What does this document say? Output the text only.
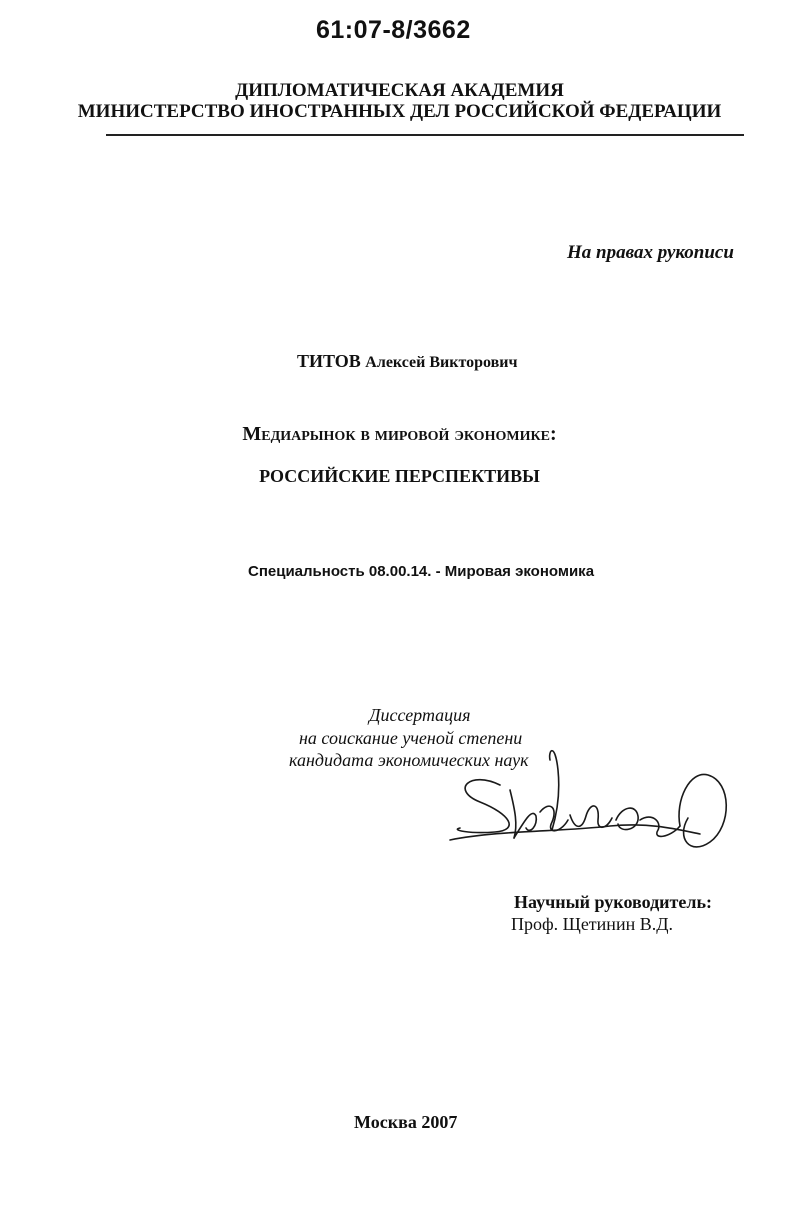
61:07-8/3662
ДИПЛОМАТИЧЕСКАЯ АКАДЕМИЯ
МИНИСТЕРСТВО ИНОСТРАННЫХ ДЕЛ РОССИЙСКОЙ ФЕДЕРАЦИИ
На правах рукописи
ТИТОВ Алексей Викторович
Медиарынок в мировой экономике:
РОССИЙСКИЕ ПЕРСПЕКТИВЫ
Специальность 08.00.14. - Мировая экономика
Диссертация
на соискание ученой степени
кандидата экономических наук
Научный руководитель:
Проф. Щетинин В.Д.
Москва 2007
